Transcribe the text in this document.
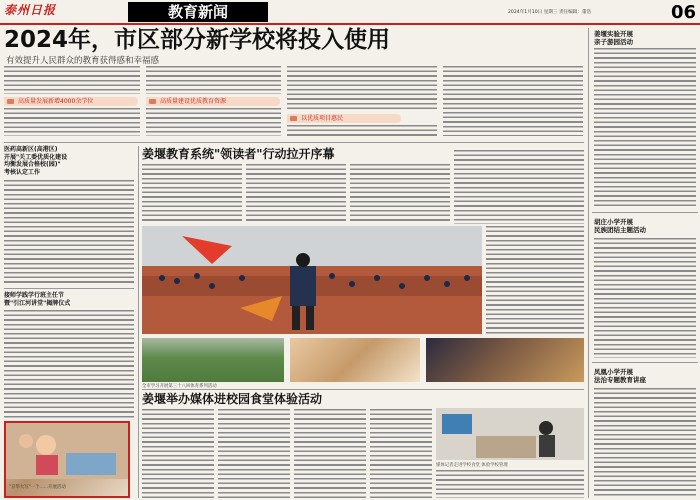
泰州日报	教育新闻	2024年1月10日 星期三 责任编辑：董浩	06
2024年，市区部分新学校将投入使用
有效提升人民群众的教育获得感和幸福感
高质量发展新增4000余学位	高质量建设优质教育资源
以优质项目惠民
姜堰实验开展
亲子游园活动
胡庄小学开展
民族团结主题活动
凤凰小学开展
法治专题教育讲座
医药高新区(高港区)
开展"关工委优质化建设
均衡发展合格校(园)"
考核认定工作
接师学践学行班主任节
暨"引江河讲堂"揭牌仪式
"京华大写"一个……开展活动
姜堰教育系统"领读者"行动拉开序幕
全市学习开展第三十八回体育系列活动
姜堰举办媒体进校园食堂体验活动
媒体记者走进学校食堂 体验学校管理
